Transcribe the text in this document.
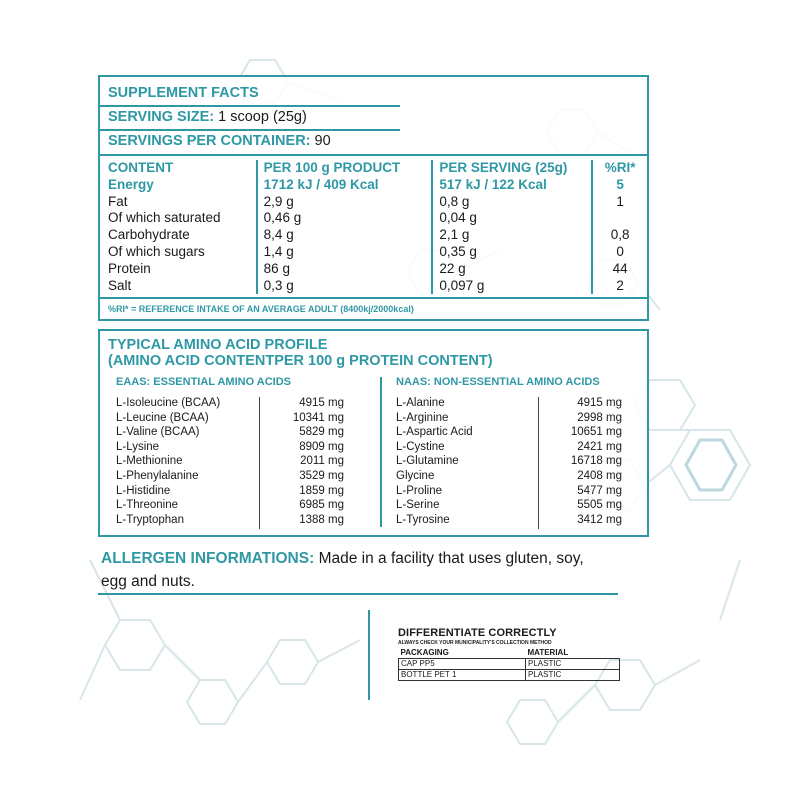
SUPPLEMENT FACTS
SERVING SIZE: 1 scoop (25g)
SERVINGS PER CONTAINER: 90
CONTENT	PER 100 g PRODUCT	PER SERVING (25g)	%RI*
Energy	1712 kJ / 409 Kcal	517 kJ / 122 Kcal	5
Fat	2,9 g	0,8 g	1
Of which saturated	0,46 g	0,04 g	
Carbohydrate	8,4 g	2,1 g	0,8
Of which sugars	1,4 g	0,35 g	0
Protein	86 g	22 g	44
Salt	0,3 g	0,097 g	2
%RI* = REFERENCE INTAKE OF AN AVERAGE ADULT (8400kj/2000kcal)
TYPICAL AMINO ACID PROFILE
(AMINO ACID CONTENTPER 100 g PROTEIN CONTENT)
EAAS: ESSENTIAL AMINO ACIDS	NAAS: NON-ESSENTIAL AMINO ACIDS
L-Isoleucine (BCAA)	4915 mg
L-Leucine (BCAA)	10341 mg
L-Valine (BCAA)	5829 mg
L-Lysine	8909 mg
L-Methionine	2011 mg
L-Phenylalanine	3529 mg
L-Histidine	1859 mg
L-Threonine	6985 mg
L-Tryptophan	1388 mg
L-Alanine	4915 mg
L-Arginine	2998 mg
L-Aspartic Acid	10651 mg
L-Cystine	2421 mg
L-Glutamine	16718 mg
Glycine	2408 mg
L-Proline	5477 mg
L-Serine	5505 mg
L-Tyrosine	3412 mg
ALLERGEN INFORMATIONS: Made in a facility that uses gluten, soy,
egg and nuts.
DIFFERENTIATE CORRECTLY
ALWAYS CHECK YOUR MUNICIPALITY'S COLLECTION METHOD
PACKAGING	MATERIAL
CAP PP5	PLASTIC
BOTTLE PET 1	PLASTIC
